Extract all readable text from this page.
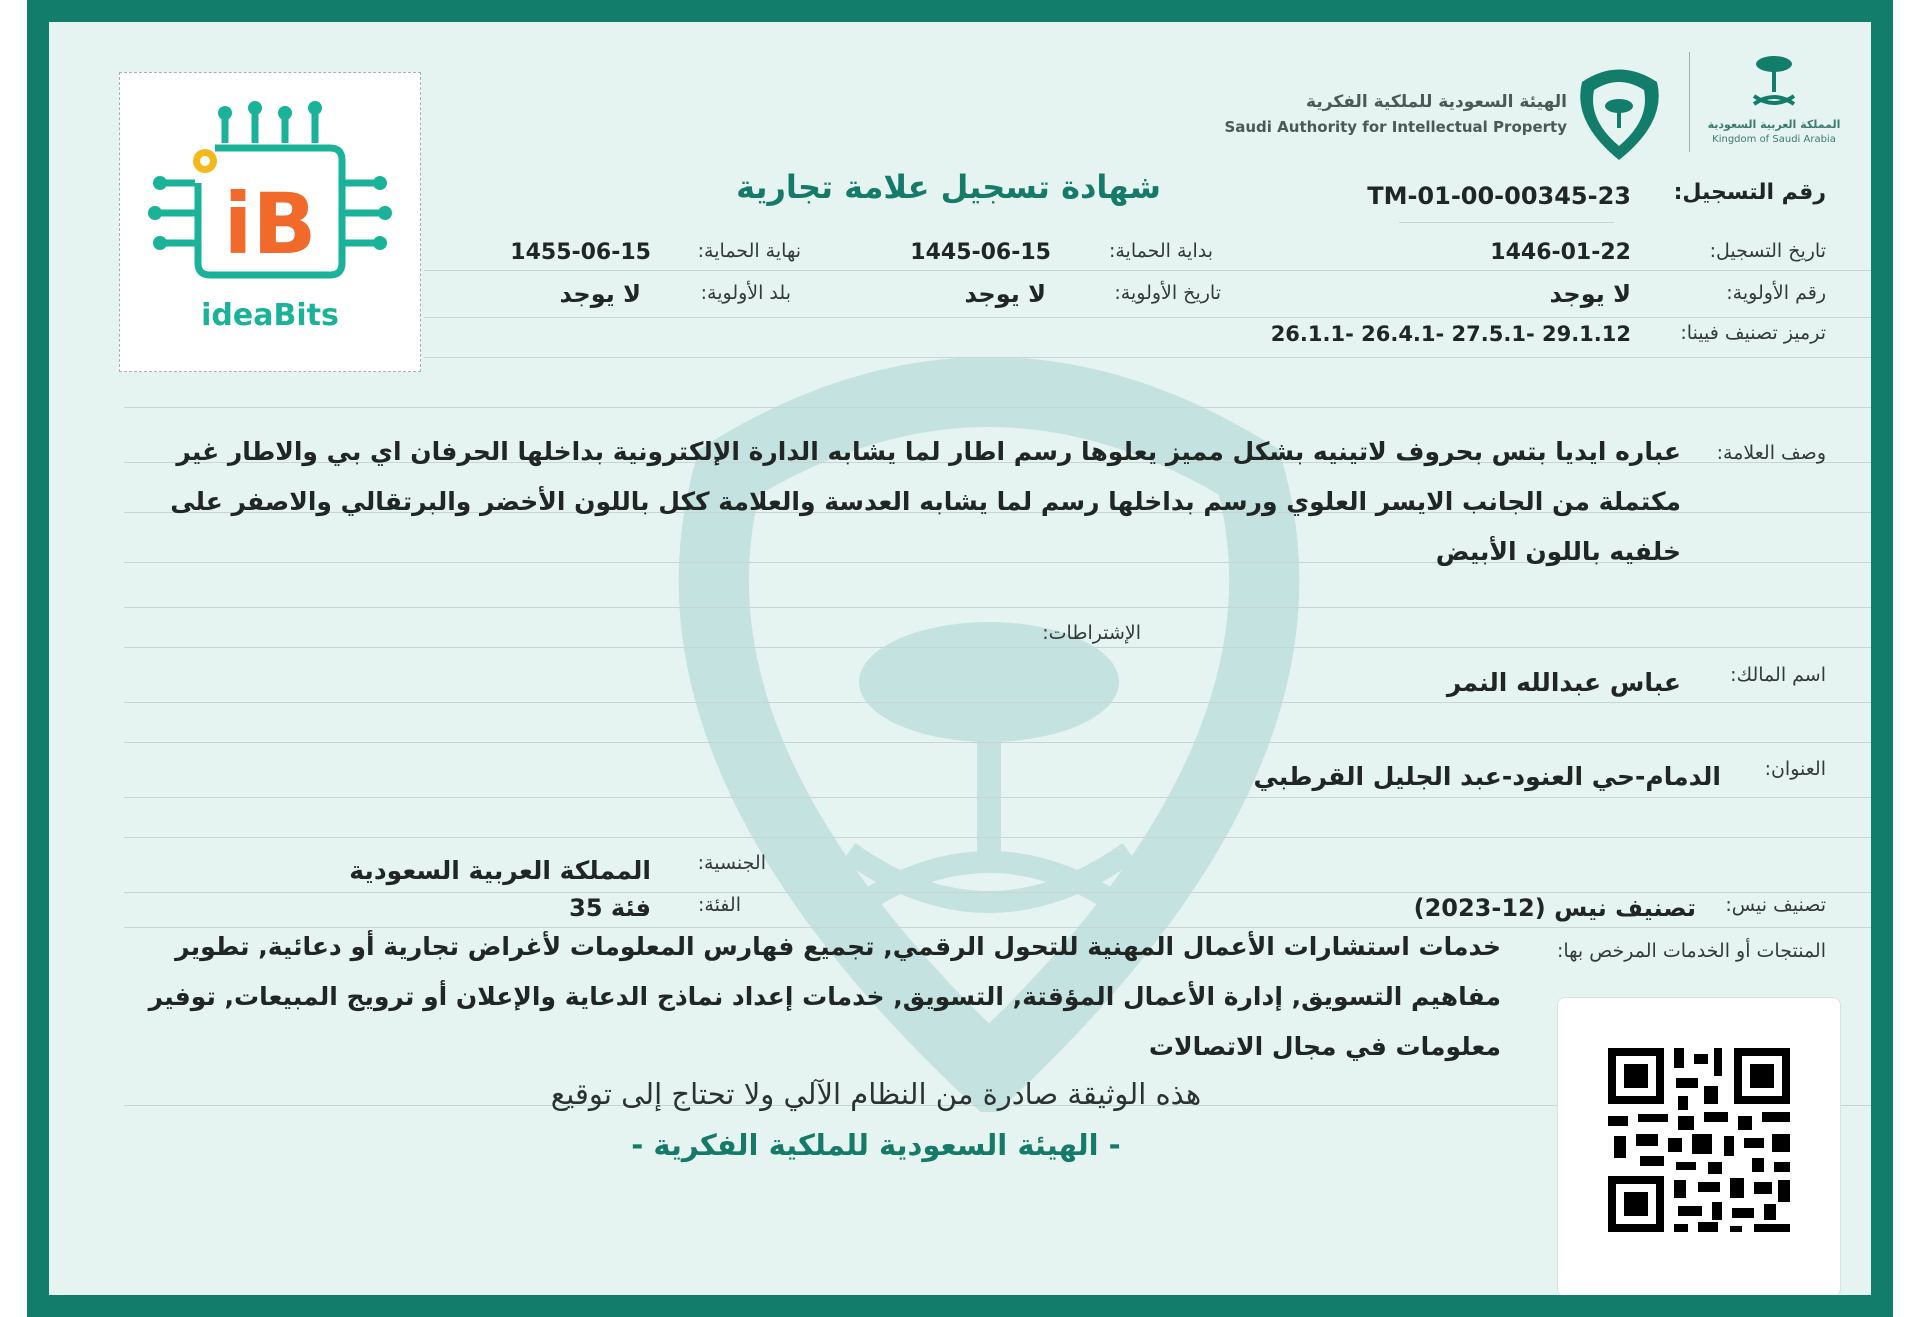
iB
ideaBits
الهيئة السعودية للملكية الفكرية
Saudi Authority for Intellectual Property	المملكة العربية السعودية
Kingdom of Saudi Arabia
شهادة تسجيل علامة تجارية	رقم التسجيل:
TM-01-00-00345-23
تاريخ التسجيل:
1446-01-22
بداية الحماية:
1445-06-15
نهاية الحماية:
1455-06-15
رقم الأولوية:
لا يوجد
تاريخ الأولوية:
لا يوجد
بلد الأولوية:
لا يوجد
ترميز تصنيف فيينا:
26.1.1- 26.4.1- 27.5.1- 29.1.12
وصف العلامة:
عباره ايديا بتس بحروف لاتينيه بشكل مميز يعلوها رسم اطار لما يشابه الدارة الإلكترونية بداخلها الحرفان اي بي والاطار غير مكتملة من الجانب الايسر العلوي ورسم بداخلها رسم لما يشابه العدسة والعلامة ككل باللون الأخضر والبرتقالي والاصفر على خلفيه باللون الأبيض
الإشتراطات:
اسم المالك:
عباس عبدالله النمر
العنوان:
الدمام-حي العنود-عبد الجليل القرطبي
الجنسية:
المملكة العربية السعودية
تصنيف نيس:
تصنيف نيس (12-2023)
الفئة:
فئة 35
المنتجات أو الخدمات المرخص بها:
خدمات استشارات الأعمال المهنية للتحول الرقمي, تجميع فهارس المعلومات لأغراض تجارية أو دعائية, تطوير مفاهيم التسويق, إدارة الأعمال المؤقتة, التسويق, خدمات إعداد نماذج الدعاية والإعلان أو ترويج المبيعات, توفير معلومات في مجال الاتصالات
هذه الوثيقة صادرة من النظام الآلي ولا تحتاج إلى توقيع
- الهيئة السعودية للملكية الفكرية -
